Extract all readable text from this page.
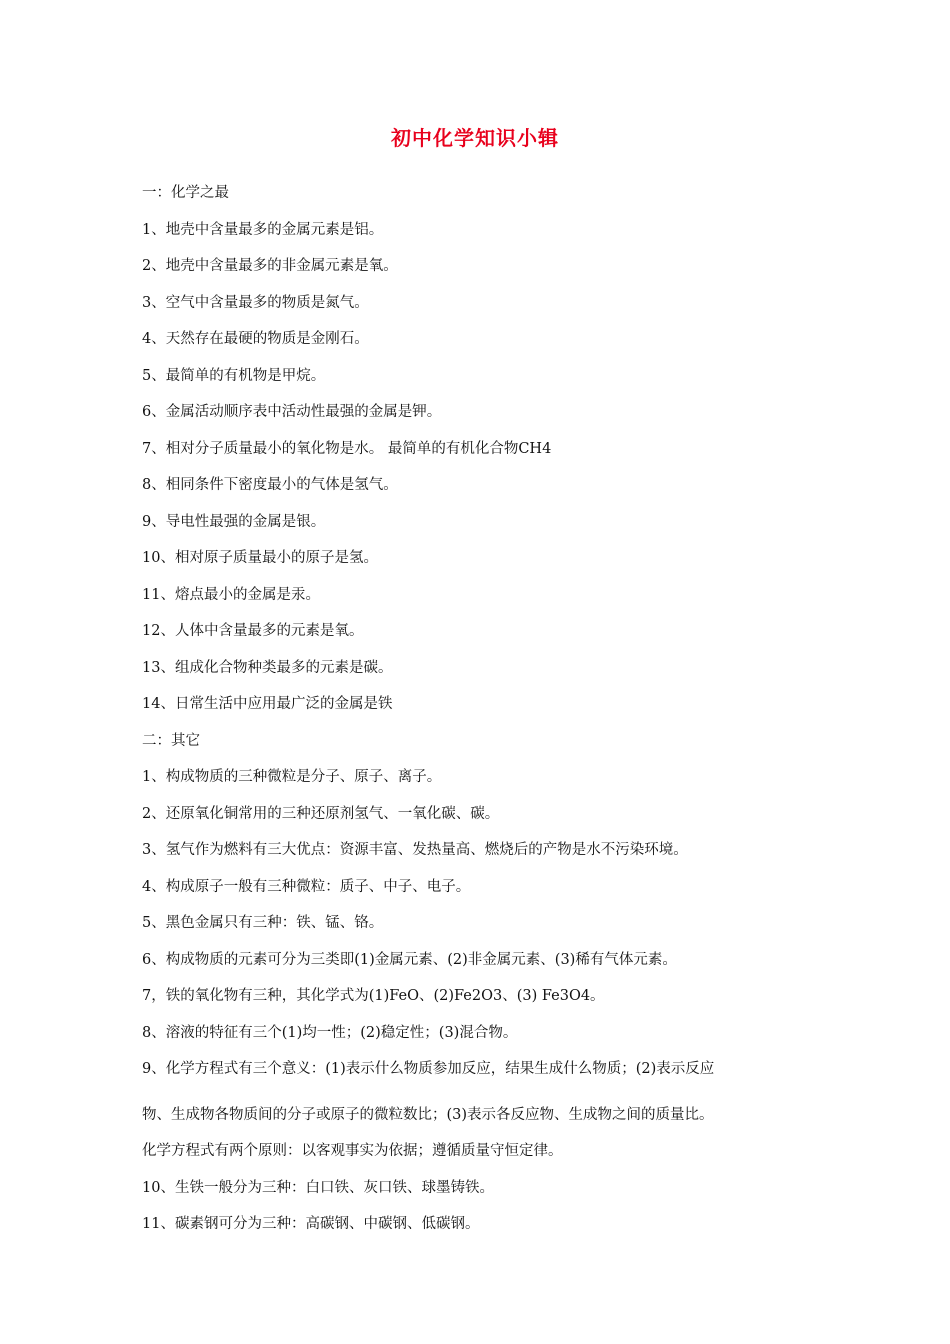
初中化学知识小辑
一：化学之最
1、地壳中含量最多的金属元素是铝。
2、地壳中含量最多的非金属元素是氧。
3、空气中含量最多的物质是氮气。
4、天然存在最硬的物质是金刚石。
5、最简单的有机物是甲烷。
6、金属活动顺序表中活动性最强的金属是钾。
7、相对分子质量最小的氧化物是水。 最简单的有机化合物CH4
8、相同条件下密度最小的气体是氢气。
9、导电性最强的金属是银。
10、相对原子质量最小的原子是氢。
11、熔点最小的金属是汞。
12、人体中含量最多的元素是氧。
13、组成化合物种类最多的元素是碳。
14、日常生活中应用最广泛的金属是铁
二：其它
1、构成物质的三种微粒是分子、原子、离子。
2、还原氧化铜常用的三种还原剂氢气、一氧化碳、碳。
3、氢气作为燃料有三大优点：资源丰富、发热量高、燃烧后的产物是水不污染环境。
4、构成原子一般有三种微粒：质子、中子、电子。
5、黑色金属只有三种：铁、锰、铬。
6、构成物质的元素可分为三类即(1)金属元素、(2)非金属元素、(3)稀有气体元素。
7，铁的氧化物有三种，其化学式为(1)FeO、(2)Fe2O3、(3) Fe3O4。
8、溶液的特征有三个(1)均一性；(2)稳定性；(3)混合物。
9、化学方程式有三个意义：(1)表示什么物质参加反应，结果生成什么物质；(2)表示反应
物、生成物各物质间的分子或原子的微粒数比；(3)表示各反应物、生成物之间的质量比。
化学方程式有两个原则：以客观事实为依据；遵循质量守恒定律。
10、生铁一般分为三种：白口铁、灰口铁、球墨铸铁。
11、碳素钢可分为三种：高碳钢、中碳钢、低碳钢。
